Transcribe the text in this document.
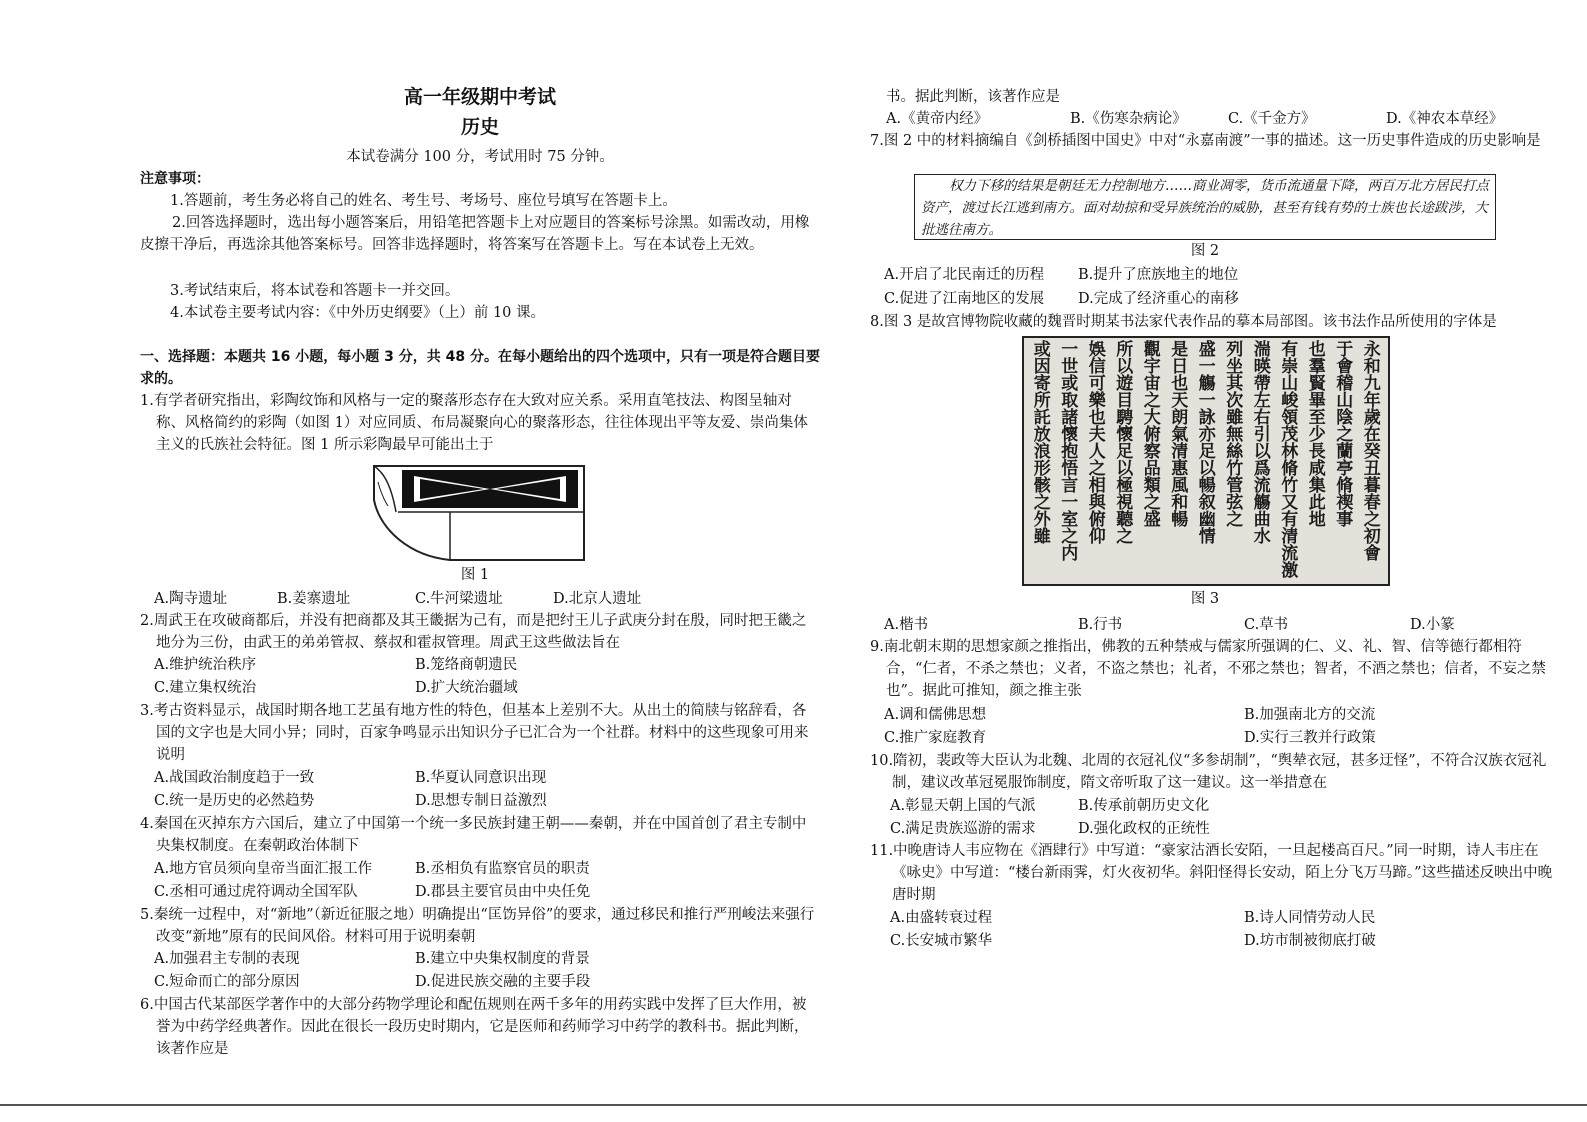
高一年级期中考试
历史
本试卷满分 100 分，考试用时 75 分钟。
注意事项：
1.答题前，考生务必将自己的姓名、考生号、考场号、座位号填写在答题卡上。
2.回答选择题时，选出每小题答案后，用铅笔把答题卡上对应题目的答案标号涂黑。如需改动，用橡皮擦干净后，再选涂其他答案标号。回答非选择题时，将答案写在答题卡上。写在本试卷上无效。
3.考试结束后，将本试卷和答题卡一并交回。
4.本试卷主要考试内容：《中外历史纲要》（上）前 10 课。
一、选择题：本题共 16 小题，每小题 3 分，共 48 分。在每小题给出的四个选项中，只有一项是符合题目要求的。
1.有学者研究指出，彩陶纹饰和风格与一定的聚落形态存在大致对应关系。采用直笔技法、构图呈轴对称、风格简约的彩陶（如图 1）对应同质、布局凝聚向心的聚落形态，往往体现出平等友爱、崇尚集体主义的氏族社会特征。图 1 所示彩陶最早可能出土于
图 1
A.陶寺遗址	B.姜寨遗址	C.牛河梁遗址	D.北京人遗址
2.周武王在攻破商都后，并没有把商都及其王畿据为己有，而是把纣王儿子武庚分封在殷，同时把王畿之地分为三份，由武王的弟弟管叔、蔡叔和霍叔管理。周武王这些做法旨在
A.维护统治秩序	B.笼络商朝遗民
C.建立集权统治	D.扩大统治疆域
3.考古资料显示，战国时期各地工艺虽有地方性的特色，但基本上差别不大。从出土的简牍与铭辞看，各国的文字也是大同小异；同时，百家争鸣显示出知识分子已汇合为一个社群。材料中的这些现象可用来说明
A.战国政治制度趋于一致	B.华夏认同意识出现
C.统一是历史的必然趋势	D.思想专制日益激烈
4.秦国在灭掉东方六国后，建立了中国第一个统一多民族封建王朝——秦朝，并在中国首创了君主专制中央集权制度。在秦朝政治体制下
A.地方官员须向皇帝当面汇报工作	B.丞相负有监察官员的职责
C.丞相可通过虎符调动全国军队	D.郡县主要官员由中央任免
5.秦统一过程中，对“新地”（新近征服之地）明确提出“匡饬异俗”的要求，通过移民和推行严刑峻法来强行改变“新地”原有的民间风俗。材料可用于说明秦朝
A.加强君主专制的表现	B.建立中央集权制度的背景
C.短命而亡的部分原因	D.促进民族交融的主要手段
6.中国古代某部医学著作中的大部分药物学理论和配伍规则在两千多年的用药实践中发挥了巨大作用，被誉为中药学经典著作。因此在很长一段历史时期内，它是医师和药师学习中药学的教科书。据此判断，该著作应是
书。据此判断，该著作应是
A.《黄帝内经》	B.《伤寒杂病论》	C.《千金方》	D.《神农本草经》
7.图 2 中的材料摘编自《剑桥插图中国史》中对“永嘉南渡”一事的描述。这一历史事件造成的历史影响是
权力下移的结果是朝廷无力控制地方……商业凋零，货币流通量下降，两百万北方居民打点资产，渡过长江逃到南方。面对劫掠和受异族统治的威胁，甚至有钱有势的士族也长途跋涉，大批逃往南方。
图 2
A.开启了北民南迁的历程 B.提升了庶族地主的地位
C.促进了江南地区的发展 D.完成了经济重心的南移
8.图 3 是故宫博物院收藏的魏晋时期某书法家代表作品的摹本局部图。该书法作品所使用的字体是
永
和
九
年
歲
在
癸
丑
暮
春
之
初
會
于
會
稽
山
陰
之
蘭
亭
脩
禊
事
也
羣
賢
畢
至
少
長
咸
集
此
地
有
崇
山
峻
領
茂
林
脩
竹
又
有
清
流
激
湍
暎
帶
左
右
引
以
爲
流
觴
曲
水
列
坐
其
次
雖
無
絲
竹
管
弦
之
盛
一
觴
一
詠
亦
足
以
暢
叙
幽
情
是
日
也
天
朗
氣
清
惠
風
和
暢
觀
宇
宙
之
大
俯
察
品
類
之
盛
所
以
遊
目
騁
懷
足
以
極
視
聽
之
娛
信
可
樂
也
夫
人
之
相
與
俯
仰
一
世
或
取
諸
懷
抱
悟
言
一
室
之
内
或
因
寄
所
託
放
浪
形
骸
之
外
雖
图 3
A.楷书	B.行书	C.草书	D.小篆
9.南北朝末期的思想家颜之推指出，佛教的五种禁戒与儒家所强调的仁、义、礼、智、信等德行都相符合，“仁者，不杀之禁也；义者，不盗之禁也；礼者，不邪之禁也；智者，不酒之禁也；信者，不妄之禁也”。据此可推知，颜之推主张
A.调和儒佛思想	B.加强南北方的交流
C.推广家庭教育	D.实行三教并行政策
10.隋初，裴政等大臣认为北魏、北周的衣冠礼仪“多参胡制”，“舆辇衣冠，甚多迂怪”，不符合汉族衣冠礼制，建议改革冠冕服饰制度，隋文帝听取了这一建议。这一举措意在
A.彰显天朝上国的气派	B.传承前朝历史文化
C.满足贵族巡游的需求	D.强化政权的正统性
11.中晚唐诗人韦应物在《酒肆行》中写道：“豪家沽酒长安陌，一旦起楼高百尺。”同一时期，诗人韦庄在《咏史》中写道：“楼台新雨霁，灯火夜初华。斜阳怪得长安动，陌上分飞万马蹄。”这些描述反映出中晚唐时期
A.由盛转衰过程	B.诗人同情劳动人民
C.长安城市繁华	D.坊市制被彻底打破
